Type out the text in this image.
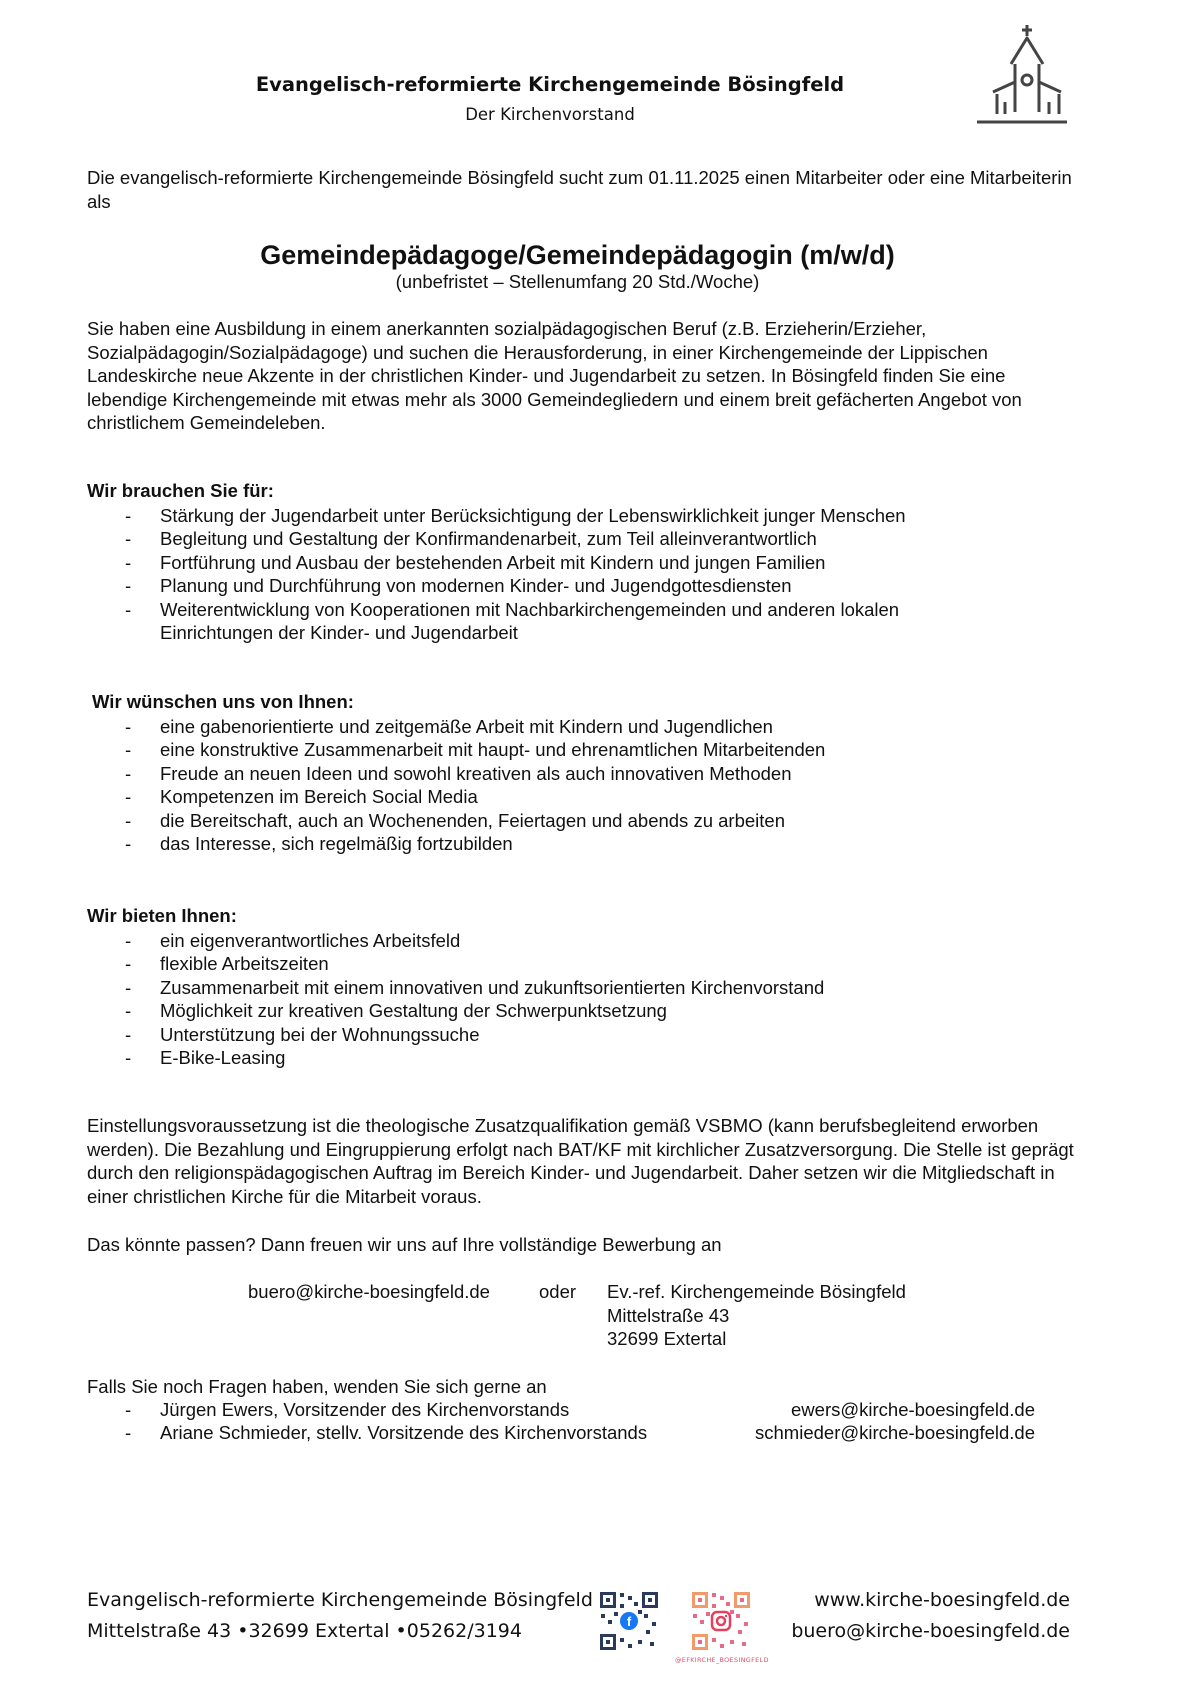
Evangelisch-reformierte Kirchengemeinde Bösingfeld
Der Kirchenvorstand
Die evangelisch-reformierte Kirchengemeinde Bösingfeld sucht zum 01.11.2025 einen Mitarbeiter oder eine Mitarbeiterin als
Gemeindepädagoge/Gemeindepädagogin (m/w/d)
(unbefristet – Stellenumfang 20 Std./Woche)
Sie haben eine Ausbildung in einem anerkannten sozialpädagogischen Beruf (z.B. Erzieherin/Erzieher, Sozialpädagogin/Sozialpädagoge) und suchen die Herausforderung, in einer Kirchengemeinde der Lippischen Landeskirche neue Akzente in der christlichen Kinder- und Jugendarbeit zu setzen. In Bösingfeld finden Sie eine lebendige Kirchengemeinde mit etwas mehr als 3000 Gemeindegliedern und einem breit gefächerten Angebot von christlichem Gemeindeleben.
Wir brauchen Sie für:
- Stärkung der Jugendarbeit unter Berücksichtigung der Lebenswirklichkeit junger Menschen
- Begleitung und Gestaltung der Konfirmandenarbeit, zum Teil alleinverantwortlich
- Fortführung und Ausbau der bestehenden Arbeit mit Kindern und jungen Familien
- Planung und Durchführung von modernen Kinder- und Jugendgottesdiensten
- Weiterentwicklung von Kooperationen mit Nachbarkirchengemeinden und anderen lokalen Einrichtungen der Kinder- und Jugendarbeit
Wir wünschen uns von Ihnen:
- eine gabenorientierte und zeitgemäße Arbeit mit Kindern und Jugendlichen
- eine konstruktive Zusammenarbeit mit haupt- und ehrenamtlichen Mitarbeitenden
- Freude an neuen Ideen und sowohl kreativen als auch innovativen Methoden
- Kompetenzen im Bereich Social Media
- die Bereitschaft, auch an Wochenenden, Feiertagen und abends zu arbeiten
- das Interesse, sich regelmäßig fortzubilden
Wir bieten Ihnen:
- ein eigenverantwortliches Arbeitsfeld
- flexible Arbeitszeiten
- Zusammenarbeit mit einem innovativen und zukunftsorientierten Kirchenvorstand
- Möglichkeit zur kreativen Gestaltung der Schwerpunktsetzung
- Unterstützung bei der Wohnungssuche
- E-Bike-Leasing
Einstellungsvoraussetzung ist die theologische Zusatzqualifikation gemäß VSBMO (kann berufsbegleitend erworben werden). Die Bezahlung und Eingruppierung erfolgt nach BAT/KF mit kirchlicher Zusatzversorgung. Die Stelle ist geprägt durch den religionspädagogischen Auftrag im Bereich Kinder- und Jugendarbeit. Daher setzen wir die Mitgliedschaft in einer christlichen Kirche für die Mitarbeit voraus.
Das könnte passen? Dann freuen wir uns auf Ihre vollständige Bewerbung an
buero@kirche-boesingfeld.de	oder Ev.-ref. Kirchengemeinde Bösingfeld
Mittelstraße 43
32699 Extertal
Falls Sie noch Fragen haben, wenden Sie sich gerne an
- Jürgen Ewers, Vorsitzender des Kirchenvorstands	ewers@kirche-boesingfeld.de
- Ariane Schmieder, stellv. Vorsitzende des Kirchenvorstands	schmieder@kirche-boesingfeld.de
Evangelisch-reformierte Kirchengemeinde Bösingfeld
Mittelstraße 43 •32699 Extertal •05262/3194	f
@EFKIRCHE_BOESINGFELD
www.kirche-boesingfeld.de
buero@kirche-boesingfeld.de
